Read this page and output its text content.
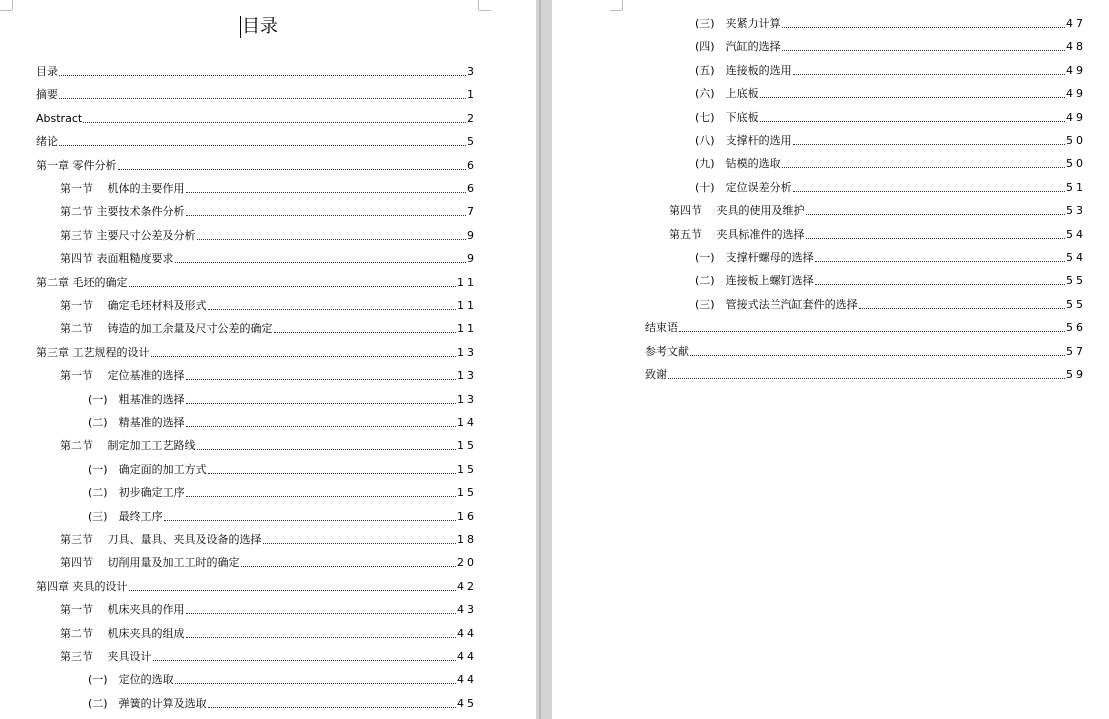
目录
目录	3
摘要	1
Abstract	2
绪论	5
第一章 零件分析	6
第一节　 机体的主要作用	6
第二节 主要技术条件分析	7
第三节 主要尺寸公差及分析	9
第四节 表面粗糙度要求	9
第二章 毛坯的确定	11
第一节　 确定毛坯材料及形式	11
第二节　 铸造的加工余量及尺寸公差的确定	11
第三章 工艺规程的设计	13
第一节　 定位基准的选择	13
(一)　粗基准的选择	13
(二)　精基准的选择	14
第二节　 制定加工工艺路线	15
(一)　确定面的加工方式	15
(二)　初步确定工序	15
(三)　最终工序	16
第三节　 刀具、量具、夹具及设备的选择	18
第四节　 切削用量及加工工时的确定	20
第四章 夹具的设计	42
第一节　 机床夹具的作用	43
第二节　 机床夹具的组成	44
第三节　 夹具设计	44
(一)　定位的选取	44
(二)　弹簧的计算及选取	45
(三)　夹紧力计算	47
(四)　汽缸的选择	48
(五)　连接板的选用	49
(六)　上底板	49
(七)　下底板	49
(八)　支撑杆的选用	50
(九)　钻模的选取	50
(十)　定位误差分析	51
第四节　 夹具的使用及维护	53
第五节　 夹具标准件的选择	54
(一)　支撑杆螺母的选择	54
(二)　连接板上螺钉选择	55
(三)　管接式法兰汽缸套件的选择	55
结束语	56
参考文献	57
致谢	59
